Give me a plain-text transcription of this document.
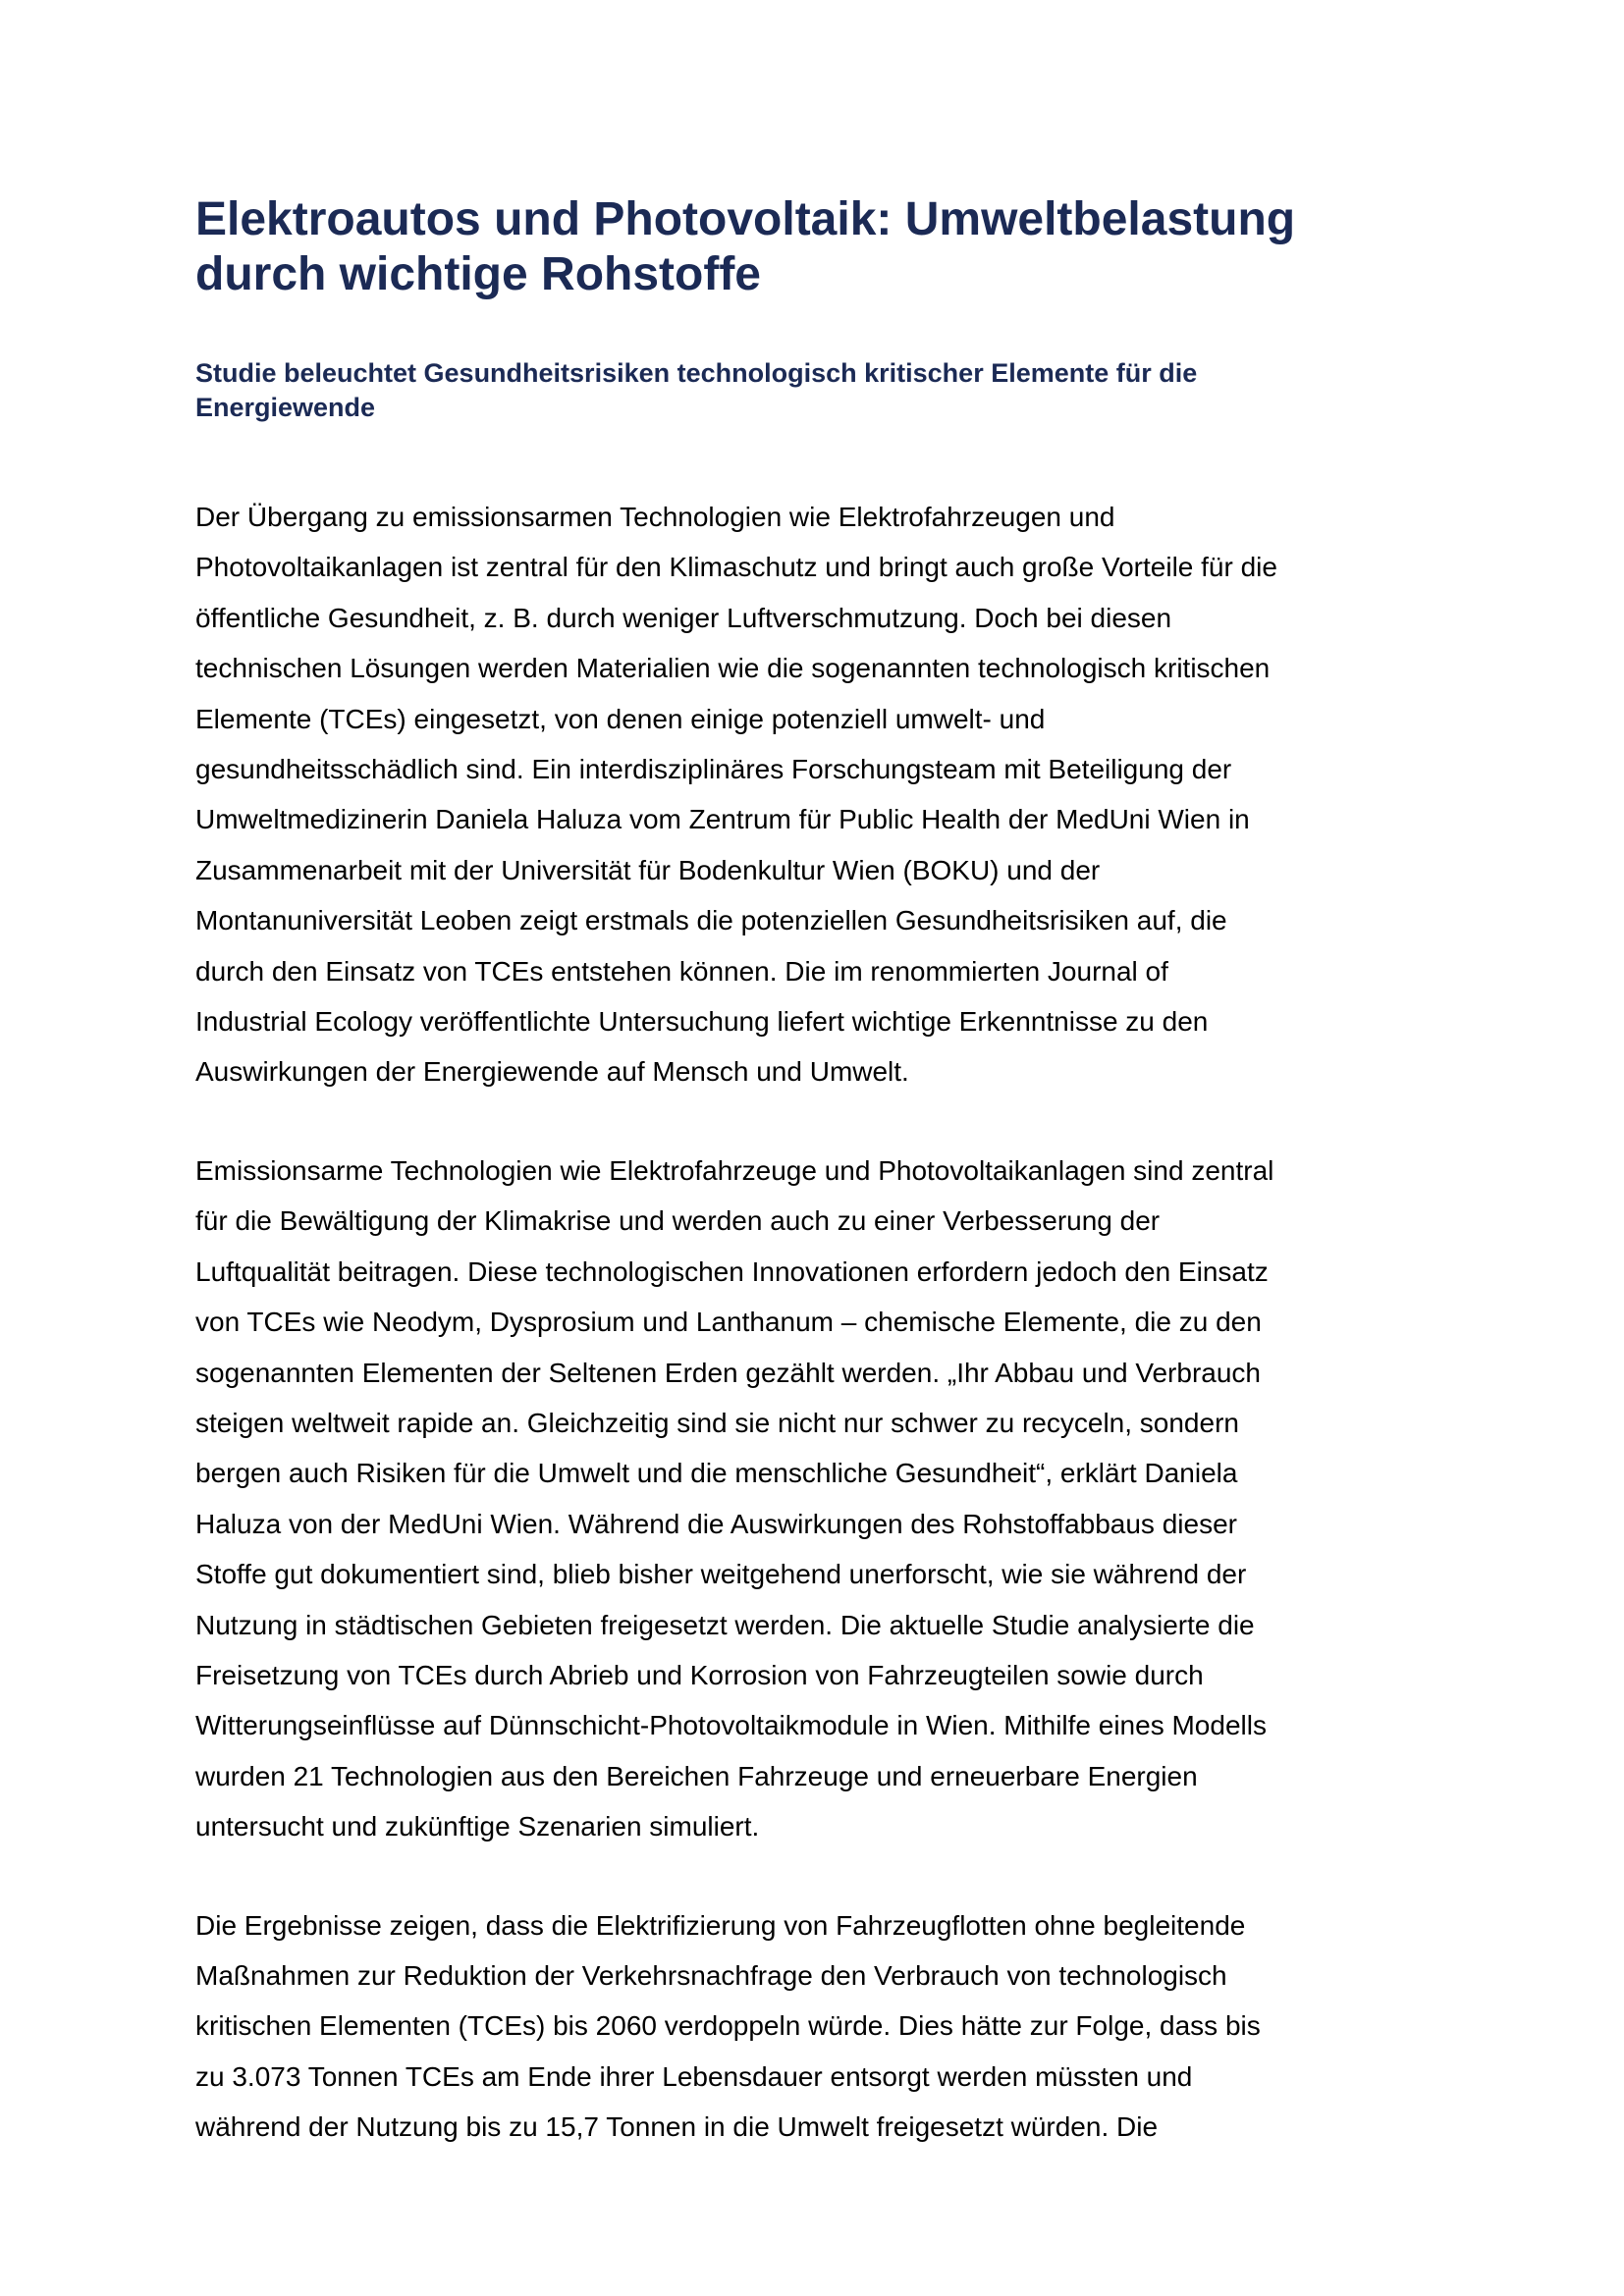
Elektroautos und Photovoltaik: Umweltbelastung
durch wichtige Rohstoffe
Studie beleuchtet Gesundheitsrisiken technologisch kritischer Elemente für die
Energiewende

Der Übergang zu emissionsarmen Technologien wie Elektrofahrzeugen und
Photovoltaikanlagen ist zentral für den Klimaschutz und bringt auch große Vorteile für die
öffentliche Gesundheit, z. B. durch weniger Luftverschmutzung. Doch bei diesen
technischen Lösungen werden Materialien wie die sogenannten technologisch kritischen
Elemente (TCEs) eingesetzt, von denen einige potenziell umwelt- und
gesundheitsschädlich sind. Ein interdisziplinäres Forschungsteam mit Beteiligung der
Umweltmedizinerin Daniela Haluza vom Zentrum für Public Health der MedUni Wien in
Zusammenarbeit mit der Universität für Bodenkultur Wien (BOKU) und der
Montanuniversität Leoben zeigt erstmals die potenziellen Gesundheitsrisiken auf, die
durch den Einsatz von TCEs entstehen können. Die im renommierten Journal of
Industrial Ecology veröffentlichte Untersuchung liefert wichtige Erkenntnisse zu den
Auswirkungen der Energiewende auf Mensch und Umwelt.

Emissionsarme Technologien wie Elektrofahrzeuge und Photovoltaikanlagen sind zentral
für die Bewältigung der Klimakrise und werden auch zu einer Verbesserung der
Luftqualität beitragen. Diese technologischen Innovationen erfordern jedoch den Einsatz
von TCEs wie Neodym, Dysprosium und Lanthanum – chemische Elemente, die zu den
sogenannten Elementen der Seltenen Erden gezählt werden. „Ihr Abbau und Verbrauch
steigen weltweit rapide an. Gleichzeitig sind sie nicht nur schwer zu recyceln, sondern
bergen auch Risiken für die Umwelt und die menschliche Gesundheit“, erklärt Daniela
Haluza von der MedUni Wien. Während die Auswirkungen des Rohstoffabbaus dieser
Stoffe gut dokumentiert sind, blieb bisher weitgehend unerforscht, wie sie während der
Nutzung in städtischen Gebieten freigesetzt werden. Die aktuelle Studie analysierte die
Freisetzung von TCEs durch Abrieb und Korrosion von Fahrzeugteilen sowie durch
Witterungseinflüsse auf Dünnschicht-Photovoltaikmodule in Wien. Mithilfe eines Modells
wurden 21 Technologien aus den Bereichen Fahrzeuge und erneuerbare Energien
untersucht und zukünftige Szenarien simuliert.

Die Ergebnisse zeigen, dass die Elektrifizierung von Fahrzeugflotten ohne begleitende
Maßnahmen zur Reduktion der Verkehrsnachfrage den Verbrauch von technologisch
kritischen Elementen (TCEs) bis 2060 verdoppeln würde. Dies hätte zur Folge, dass bis
zu 3.073 Tonnen TCEs am Ende ihrer Lebensdauer entsorgt werden müssten und
während der Nutzung bis zu 15,7 Tonnen in die Umwelt freigesetzt würden. Die
